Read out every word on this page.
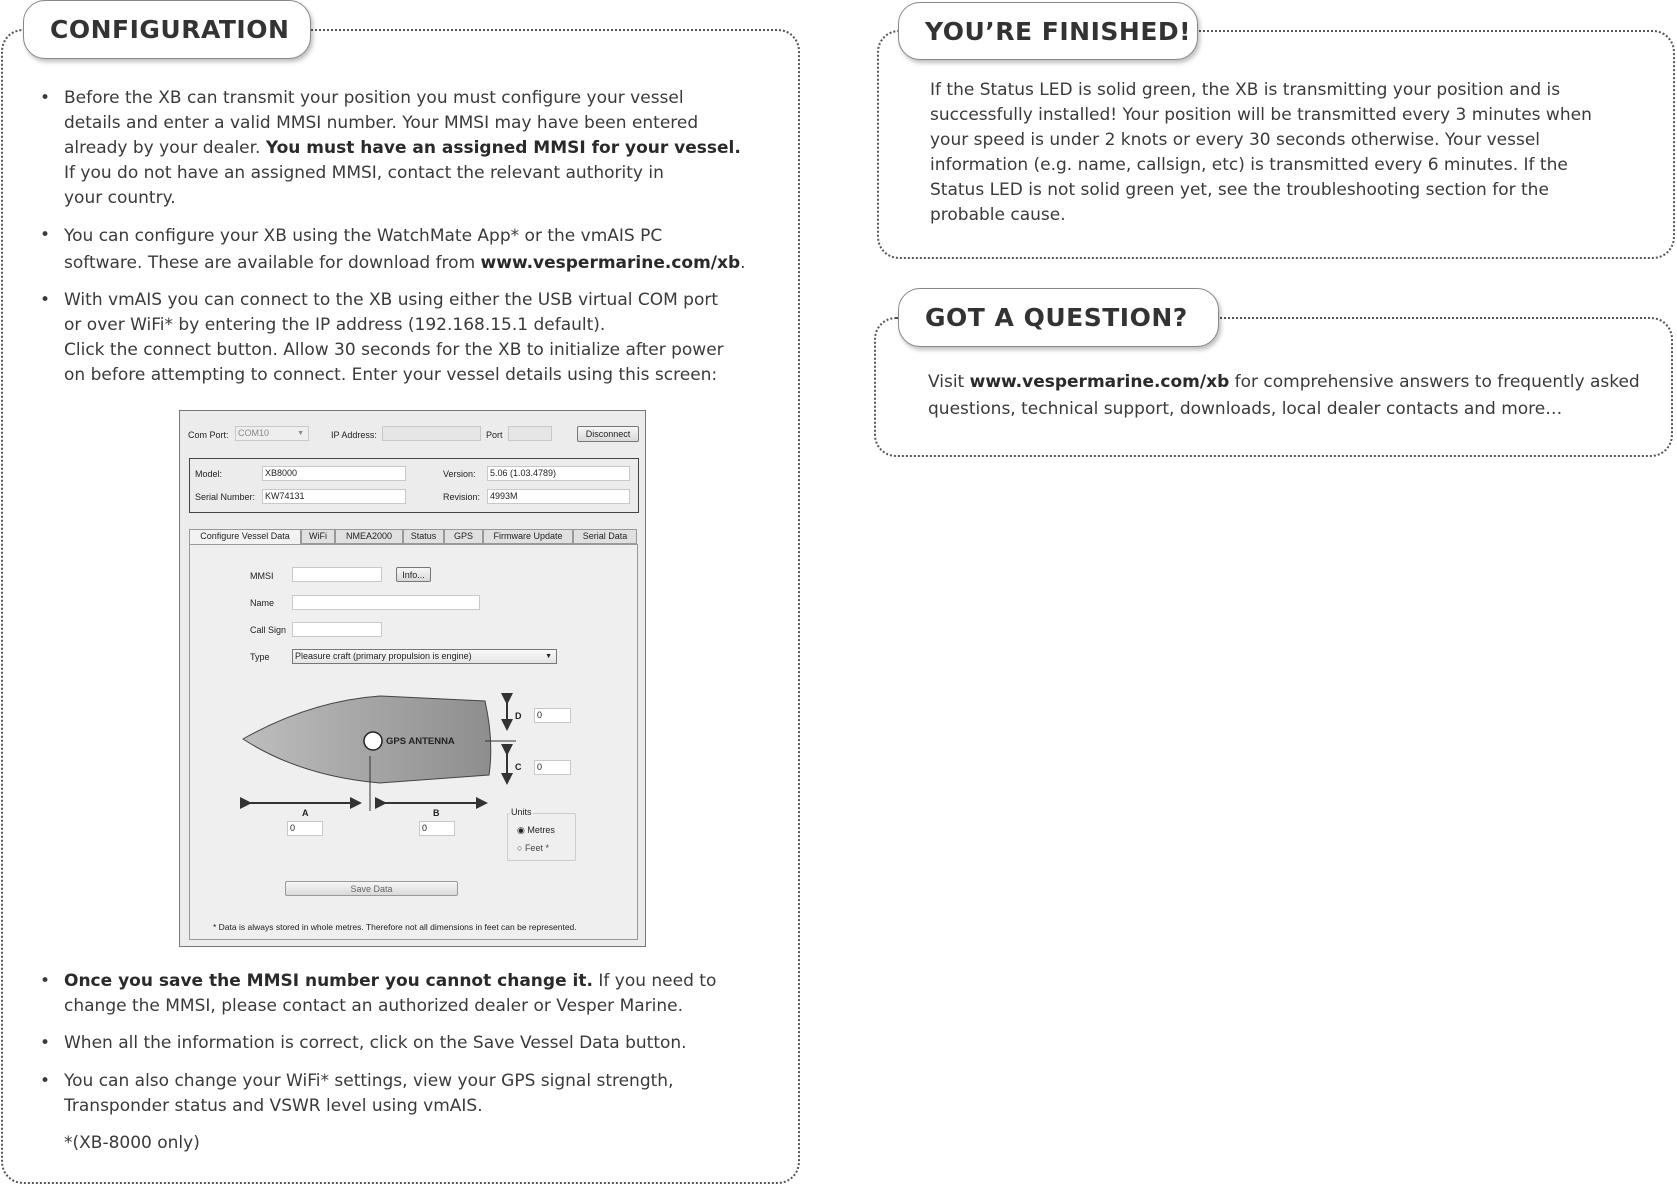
CONFIGURATION
• Before the XB can transmit your position you must configure your vessel
details and enter a valid MMSI number. Your MMSI may have been entered
already by your dealer. You must have an assigned MMSI for your vessel.
If you do not have an assigned MMSI, contact the relevant authority in
your country.
• You can configure your XB using the WatchMate App* or the vmAIS PC
software. These are available for download from www.vespermarine.com/xb.
• With vmAIS you can connect to the XB using either the USB virtual COM port
or over WiFi* by entering the IP address (192.168.15.1 default).
Click the connect button. Allow 30 seconds for the XB to initialize after power
on before attempting to connect. Enter your vessel details using this screen:
Com Port:	COM10	▼	IP Address:	Port	Disconnect
Model:	XB8000
Serial Number:	KW74131
Version:	5.06 (1.03.4789)
Revision:	4993M
Configure Vessel Data	WiFi	NMEA2000	Status	GPS	Firmware Update	Serial Data
MMSI	Info...
Name
Call Sign
Type	Pleasure craft (primary propulsion is engine)	▼
GPS ANTENNA
D	0
C	0
A
0
B
0
Units
◉ Metres
○ Feet *
Save Data
* Data is always stored in whole metres. Therefore not all dimensions in feet can be represented.
• Once you save the MMSI number you cannot change it. If you need to
change the MMSI, please contact an authorized dealer or Vesper Marine.
• When all the information is correct, click on the Save Vessel Data button.
• You can also change your WiFi* settings, view your GPS signal strength,
Transponder status and VSWR level using vmAIS.
*(XB-8000 only)
YOU’RE FINISHED!
If the Status LED is solid green, the XB is transmitting your position and is
successfully installed! Your position will be transmitted every 3 minutes when
your speed is under 2 knots or every 30 seconds otherwise. Your vessel
information (e.g. name, callsign, etc) is transmitted every 6 minutes. If the
Status LED is not solid green yet, see the troubleshooting section for the
probable cause.
GOT A QUESTION?
Visit www.vespermarine.com/xb for comprehensive answers to frequently asked
questions, technical support, downloads, local dealer contacts and more…
